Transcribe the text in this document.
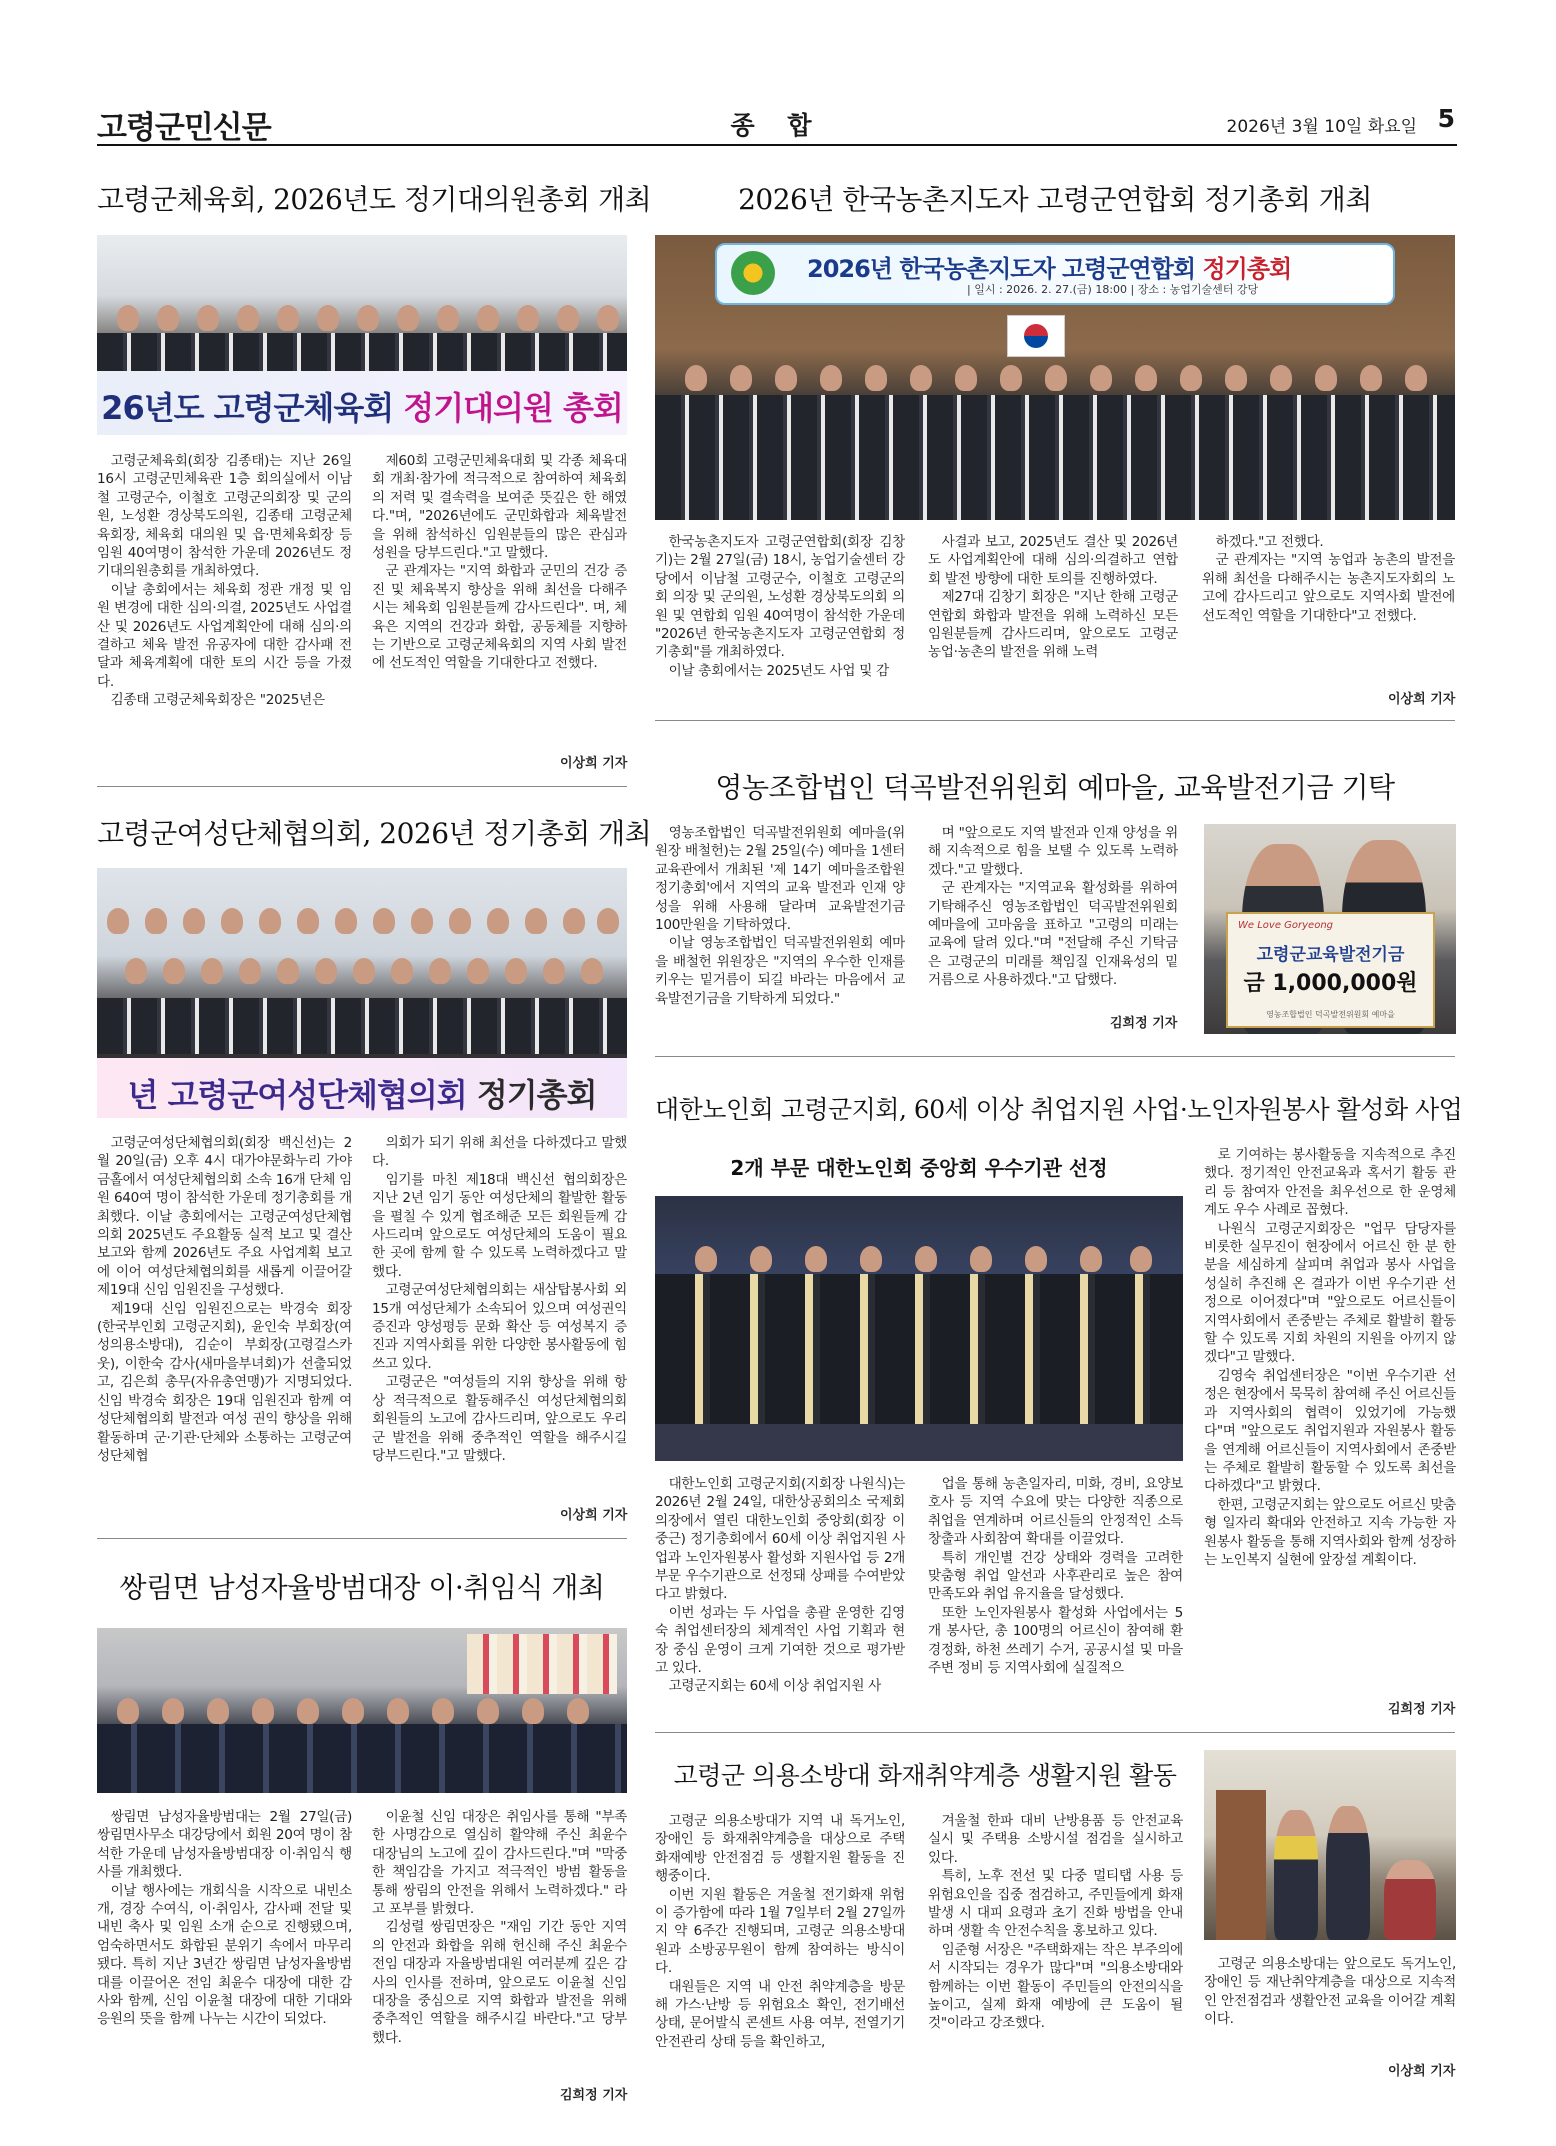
고령군민신문	종 합	2026년 3월 10일 화요일 5
고령군체육회, 2026년도 정기대의원총회 개최
26년도 고령군체육회 정기대의원 총회

고령군체육회(회장 김종태)는 지난 26일 16시 고령군민체육관 1층 회의실에서 이남철 고령군수, 이철호 고령군의회장 및 군의원, 노성환 경상북도의원, 김종태 고령군체육회장, 체육회 대의원 및 읍·면체육회장 등 임원 40여명이 참석한 가운데 2026년도 정기대의원총회를 개최하였다.

이날 총회에서는 체육회 정관 개정 및 임원 변경에 대한 심의·의결, 2025년도 사업결산 및 2026년도 사업계획안에 대해 심의·의결하고 체육 발전 유공자에 대한 감사패 전달과 체육계획에 대한 토의 시간 등을 가졌다.

김종태 고령군체육회장은 "2025년은

제60회 고령군민체육대회 및 각종 체육대회 개최·참가에 적극적으로 참여하여 체육회의 저력 및 결속력을 보여준 뜻깊은 한 해였다."며, "2026년에도 군민화합과 체육발전을 위해 참석하신 임원분들의 많은 관심과 성원을 당부드린다."고 말했다.

군 관계자는 "지역 화합과 군민의 건강 증진 및 체육복지 향상을 위해 최선을 다해주시는 체육회 임원분들께 감사드린다". 며, 체육은 지역의 건강과 화합, 공동체를 지향하는 기반으로 고령군체육회의 지역 사회 발전에 선도적인 역할을 기대한다고 전했다.

이상희 기자
2026년 한국농촌지도자 고령군연합회 정기총회 개최
2026년 한국농촌지도자 고령군연합회 정기총회
| 일시 : 2026. 2. 27.(금) 18:00 | 장소 : 농업기술센터 강당

한국농촌지도자 고령군연합회(회장 김창기)는 2월 27일(금) 18시, 농업기술센터 강당에서 이남철 고령군수, 이철호 고령군의회 의장 및 군의원, 노성환 경상북도의회 의원 및 연합회 임원 40여명이 참석한 가운데 "2026년 한국농촌지도자 고령군연합회 정기총회"를 개최하였다.

이날 총회에서는 2025년도 사업 및 감

사결과 보고, 2025년도 결산 및 2026년도 사업계획안에 대해 심의·의결하고 연합회 발전 방향에 대한 토의를 진행하였다.

제27대 김창기 회장은 "지난 한해 고령군연합회 화합과 발전을 위해 노력하신 모든 임원분들께 감사드리며, 앞으로도 고령군 농업·농촌의 발전을 위해 노력

하겠다."고 전했다.

군 관계자는 "지역 농업과 농촌의 발전을 위해 최선을 다해주시는 농촌지도자회의 노고에 감사드리고 앞으로도 지역사회 발전에 선도적인 역할을 기대한다"고 전했다.

이상희 기자
영농조합법인 덕곡발전위원회 예마을, 교육발전기금 기탁

영농조합법인 덕곡발전위원회 예마을(위원장 배철헌)는 2월 25일(수) 예마을 1센터 교육관에서 개최된 '제 14기 예마을조합원 정기총회'에서 지역의 교육 발전과 인재 양성을 위해 사용해 달라며 교육발전기금 100만원을 기탁하였다.

이날 영농조합법인 덕곡발전위원회 예마을 배철헌 위원장은 "지역의 우수한 인재를 키우는 밑거름이 되길 바라는 마음에서 교육발전기금을 기탁하게 되었다."

며 "앞으로도 지역 발전과 인재 양성을 위해 지속적으로 힘을 보탤 수 있도록 노력하겠다."고 말했다.

군 관계자는 "지역교육 활성화를 위하여 기탁해주신 영농조합법인 덕곡발전위원회 예마을에 고마움을 표하고 "고령의 미래는 교육에 달려 있다."며 "전달해 주신 기탁금은 고령군의 미래를 책임질 인재육성의 밑거름으로 사용하겠다."고 답했다.

김희정 기자
We Love Goryeong
고령군교육발전기금
금 1,000,000원
영농조합법인 덕곡발전위원회 예마을
고령군여성단체협의회, 2026년 정기총회 개최
년 고령군여성단체협의회 정기총회

고령군여성단체협의회(회장 백신선)는 2월 20일(금) 오후 4시 대가야문화누리 가야금홀에서 여성단체협의회 소속 16개 단체 임원 640여 명이 참석한 가운데 정기총회를 개최했다. 이날 총회에서는 고령군여성단체협의회 2025년도 주요활동 실적 보고 및 결산보고와 함께 2026년도 주요 사업계획 보고에 이어 여성단체협의회를 새롭게 이끌어갈 제19대 신임 임원진을 구성했다.

제19대 신임 임원진으로는 박경숙 회장(한국부인회 고령군지회), 윤인숙 부회장(여성의용소방대), 김순이 부회장(고령걸스카웃), 이한숙 감사(새마을부녀회)가 선출되었고, 김은희 총무(자유총연맹)가 지명되었다. 신임 박경숙 회장은 19대 임원진과 함께 여성단체협의회 발전과 여성 권익 향상을 위해 활동하며 군·기관·단체와 소통하는 고령군여성단체협

의회가 되기 위해 최선을 다하겠다고 말했다.

임기를 마친 제18대 백신선 협의회장은 지난 2년 임기 동안 여성단체의 활발한 활동을 펼칠 수 있게 협조해준 모든 회원들께 감사드리며 앞으로도 여성단체의 도움이 필요한 곳에 함께 할 수 있도록 노력하겠다고 말했다.

고령군여성단체협의회는 새삼탑봉사회 외 15개 여성단체가 소속되어 있으며 여성권익 증진과 양성평등 문화 확산 등 여성복지 증진과 지역사회를 위한 다양한 봉사활동에 힘쓰고 있다.

고령군은 "여성들의 지위 향상을 위해 항상 적극적으로 활동해주신 여성단체협의회 회원들의 노고에 감사드리며, 앞으로도 우리군 발전을 위해 중추적인 역할을 해주시길 당부드린다."고 말했다.

이상희 기자
대한노인회 고령군지회, 60세 이상 취업지원 사업·노인자원봉사 활성화 사업
2개 부문 대한노인회 중앙회 우수기관 선정

대한노인회 고령군지회(지회장 나원식)는 2026년 2월 24일, 대한상공회의소 국제회의장에서 열린 대한노인회 중앙회(회장 이중근) 정기총회에서 60세 이상 취업지원 사업과 노인자원봉사 활성화 지원사업 등 2개 부문 우수기관으로 선정돼 상패를 수여받았다고 밝혔다.

이번 성과는 두 사업을 총괄 운영한 김영숙 취업센터장의 체계적인 사업 기획과 현장 중심 운영이 크게 기여한 것으로 평가받고 있다.

고령군지회는 60세 이상 취업지원 사

업을 통해 농촌일자리, 미화, 경비, 요양보호사 등 지역 수요에 맞는 다양한 직종으로 취업을 연계하며 어르신들의 안정적인 소득 창출과 사회참여 확대를 이끌었다.

특히 개인별 건강 상태와 경력을 고려한 맞춤형 취업 알선과 사후관리로 높은 참여 만족도와 취업 유지율을 달성했다.

또한 노인자원봉사 활성화 사업에서는 5개 봉사단, 총 100명의 어르신이 참여해 환경정화, 하천 쓰레기 수거, 공공시설 및 마을 주변 정비 등 지역사회에 실질적으

로 기여하는 봉사활동을 지속적으로 추진했다. 정기적인 안전교육과 혹서기 활동 관리 등 참여자 안전을 최우선으로 한 운영체계도 우수 사례로 꼽혔다.

나원식 고령군지회장은 "업무 담당자를 비롯한 실무진이 현장에서 어르신 한 분 한 분을 세심하게 살피며 취업과 봉사 사업을 성실히 추진해 온 결과가 이번 우수기관 선정으로 이어졌다"며 "앞으로도 어르신들이 지역사회에서 존중받는 주체로 활발히 활동할 수 있도록 지회 차원의 지원을 아끼지 않겠다"고 말했다.

김영숙 취업센터장은 "이번 우수기관 선정은 현장에서 묵묵히 참여해 주신 어르신들과 지역사회의 협력이 있었기에 가능했다"며 "앞으로도 취업지원과 자원봉사 활동을 연계해 어르신들이 지역사회에서 존중받는 주체로 활발히 활동할 수 있도록 최선을 다하겠다"고 밝혔다.

한편, 고령군지회는 앞으로도 어르신 맞춤형 일자리 확대와 안전하고 지속 가능한 자원봉사 활동을 통해 지역사회와 함께 성장하는 노인복지 실현에 앞장설 계획이다.

김희정 기자
쌍림면 남성자율방범대장 이·취임식 개최

쌍림면 남성자율방범대는 2월 27일(금) 쌍림면사무소 대강당에서 회원 20여 명이 참석한 가운데 남성자율방범대장 이·취임식 행사를 개최했다.

이날 행사에는 개회식을 시작으로 내빈소개, 경장 수여식, 이·취임사, 감사패 전달 및 내빈 축사 및 임원 소개 순으로 진행됐으며, 엄숙하면서도 화합된 분위기 속에서 마무리됐다. 특히 지난 3년간 쌍림면 남성자율방범대를 이끌어온 전임 최윤수 대장에 대한 감사와 함께, 신임 이윤철 대장에 대한 기대와 응원의 뜻을 함께 나누는 시간이 되었다.

이윤철 신임 대장은 취임사를 통해 "부족한 사명감으로 열심히 활약해 주신 최윤수 대장님의 노고에 깊이 감사드린다."며 "막중한 책임감을 가지고 적극적인 방범 활동을 통해 쌍림의 안전을 위해서 노력하겠다." 라고 포부를 밝혔다.

김성렬 쌍림면장은 "재임 기간 동안 지역의 안전과 화합을 위해 헌신해 주신 최윤수 전임 대장과 자율방범대원 여러분께 깊은 감사의 인사를 전하며, 앞으로도 이윤철 신임 대장을 중심으로 지역 화합과 발전을 위해 중추적인 역할을 해주시길 바란다."고 당부했다.

김희정 기자
고령군 의용소방대 화재취약계층 생활지원 활동

고령군 의용소방대가 지역 내 독거노인, 장애인 등 화재취약계층을 대상으로 주택 화재예방 안전점검 등 생활지원 활동을 진행중이다.

이번 지원 활동은 겨울철 전기화재 위험이 증가함에 따라 1월 7일부터 2월 27일까지 약 6주간 진행되며, 고령군 의용소방대원과 소방공무원이 함께 참여하는 방식이다.

대원들은 지역 내 안전 취약계층을 방문해 가스·난방 등 위험요소 확인, 전기배선 상태, 문어발식 콘센트 사용 여부, 전열기기 안전관리 상태 등을 확인하고,

겨울철 한파 대비 난방용품 등 안전교육 실시 및 주택용 소방시설 점검을 실시하고 있다.

특히, 노후 전선 및 다중 멀티탭 사용 등 위험요인을 집중 점검하고, 주민들에게 화재 발생 시 대피 요령과 초기 진화 방법을 안내하며 생활 속 안전수칙을 홍보하고 있다.

임준형 서장은 "주택화재는 작은 부주의에서 시작되는 경우가 많다"며 "의용소방대와 함께하는 이번 활동이 주민들의 안전의식을 높이고, 실제 화재 예방에 큰 도움이 될 것"이라고 강조했다.

고령군 의용소방대는 앞으로도 독거노인, 장애인 등 재난취약계층을 대상으로 지속적인 안전점검과 생활안전 교육을 이어갈 계획이다.

이상희 기자
